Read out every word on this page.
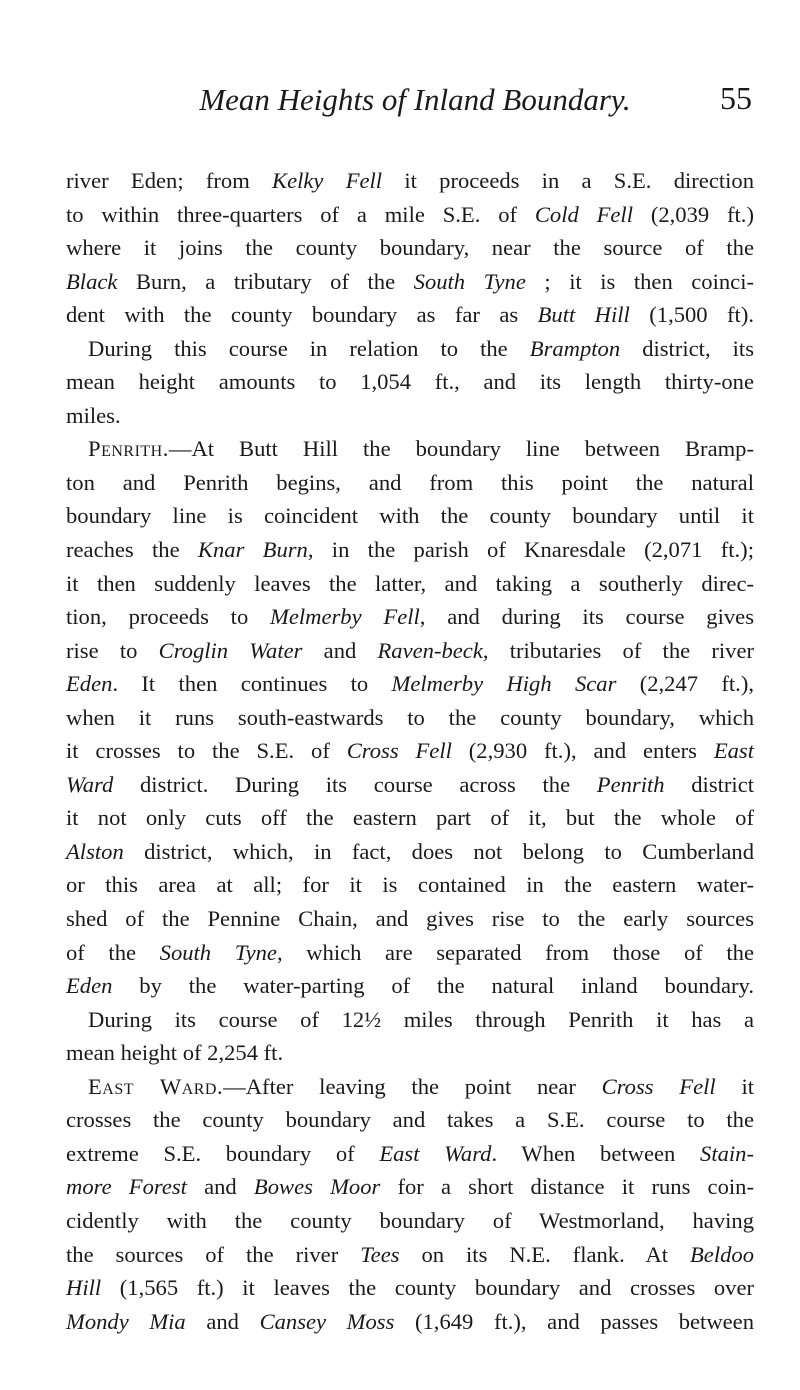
Mean Heights of Inland Boundary.	55
river Eden; from Kelky Fell it proceeds in a S.E. direction
to within three-quarters of a mile S.E. of Cold Fell (2,039 ft.)
where it joins the county boundary, near the source of the
Black Burn, a tributary of the South Tyne ; it is then coinci-
dent with the county boundary as far as Butt Hill (1,500 ft).
During this course in relation to the Brampton district, its
mean height amounts to 1,054 ft., and its length thirty-one
miles.
Penrith.—At Butt Hill the boundary line between Bramp-
ton and Penrith begins, and from this point the natural
boundary line is coincident with the county boundary until it
reaches the Knar Burn, in the parish of Knaresdale (2,071 ft.);
it then suddenly leaves the latter, and taking a southerly direc-
tion, proceeds to Melmerby Fell, and during its course gives
rise to Croglin Water and Raven-beck, tributaries of the river
Eden. It then continues to Melmerby High Scar (2,247 ft.),
when it runs south-eastwards to the county boundary, which
it crosses to the S.E. of Cross Fell (2,930 ft.), and enters East
Ward district. During its course across the Penrith district
it not only cuts off the eastern part of it, but the whole of
Alston district, which, in fact, does not belong to Cumberland
or this area at all; for it is contained in the eastern water-
shed of the Pennine Chain, and gives rise to the early sources
of the South Tyne, which are separated from those of the
Eden by the water-parting of the natural inland boundary.
During its course of 12½ miles through Penrith it has a
mean height of 2,254 ft.
East Ward.—After leaving the point near Cross Fell it
crosses the county boundary and takes a S.E. course to the
extreme S.E. boundary of East Ward. When between Stain-
more Forest and Bowes Moor for a short distance it runs coin-
cidently with the county boundary of Westmorland, having
the sources of the river Tees on its N.E. flank. At Beldoo
Hill (1,565 ft.) it leaves the county boundary and crosses over
Mondy Mia and Cansey Moss (1,649 ft.), and passes between
